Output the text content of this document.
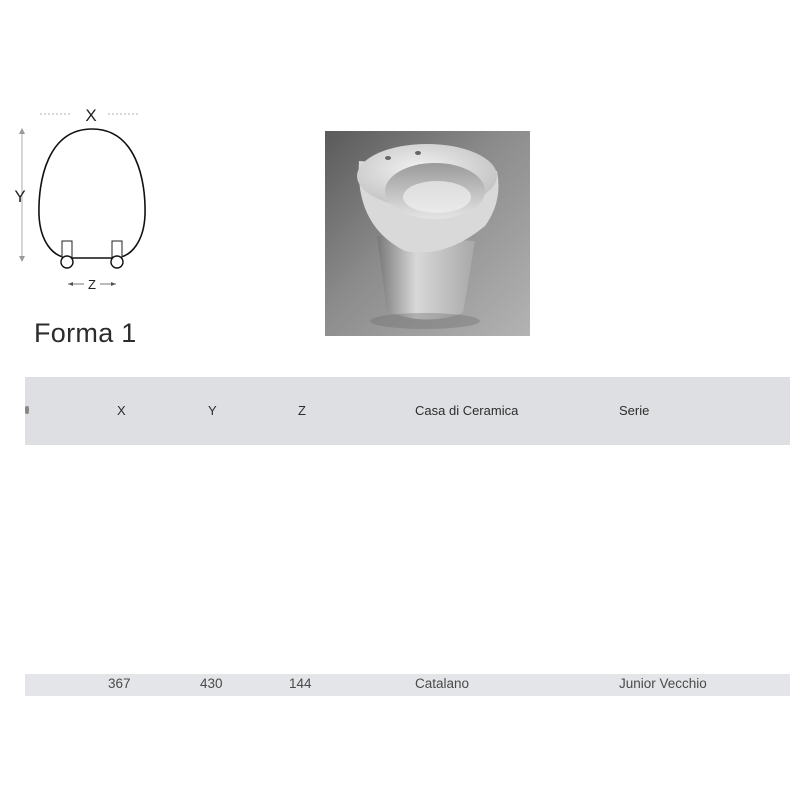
X
Y
Z
Forma 1
X	Y	Z	Casa di Ceramica	Serie
367	430	144	Catalano	Junior Vecchio
